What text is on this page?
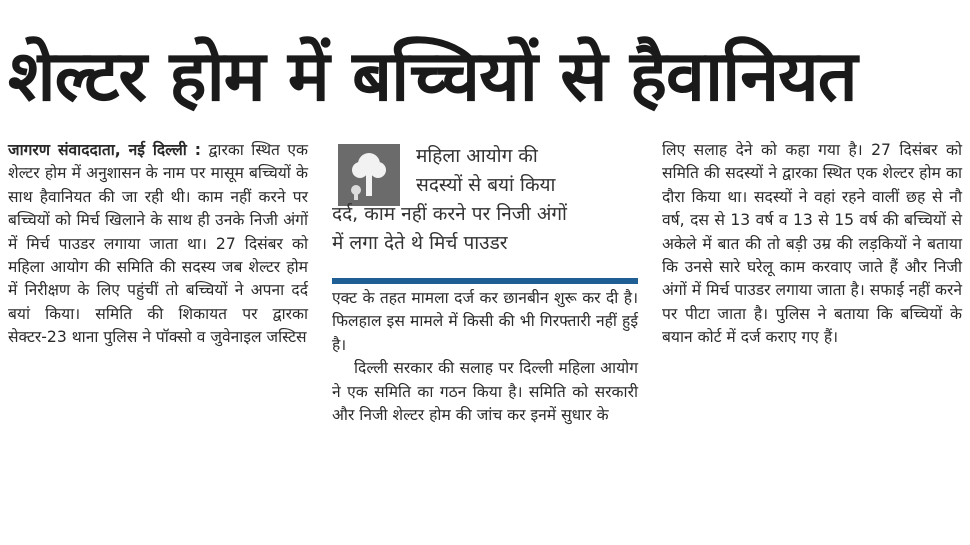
शेल्टर होम में बच्चियों से हैवानियत

जागरण संवाददाता, नई दिल्ली : द्वारका स्थित एक शेल्टर होम में अनुशासन के नाम पर मासूम बच्चियों के साथ हैवानियत की जा रही थी। काम नहीं करने पर बच्चियों को मिर्च खिलाने के साथ ही उनके निजी अंगों में मिर्च पाउडर लगाया जाता था। 27 दिसंबर को महिला आयोग की समिति की सदस्य जब शेल्टर होम में निरीक्षण के लिए पहुंचीं तो बच्चियों ने अपना दर्द बयां किया। समिति की शिकायत पर द्वारका सेक्टर-23 थाना पुलिस ने पॉक्सो व जुवेनाइल जस्टिस

महिला आयोग की
सदस्यों से बयां किया
दर्द, काम नहीं करने पर निजी अंगों
में लगा देते थे मिर्च पाउडर

एक्ट के तहत मामला दर्ज कर छानबीन शुरू कर दी है। फिलहाल इस मामले में किसी की भी गिरफ्तारी नहीं हुई है।

दिल्ली सरकार की सलाह पर दिल्ली महिला आयोग ने एक समिति का गठन किया है। समिति को सरकारी और निजी शेल्टर होम की जांच कर इनमें सुधार के

लिए सलाह देने को कहा गया है। 27 दिसंबर को समिति की सदस्यों ने द्वारका स्थित एक शेल्टर होम का दौरा किया था। सदस्यों ने वहां रहने वालीं छह से नौ वर्ष, दस से 13 वर्ष व 13 से 15 वर्ष की बच्चियों से अकेले में बात की तो बड़ी उम्र की लड़कियों ने बताया कि उनसे सारे घरेलू काम करवाए जाते हैं और निजी अंगों में मिर्च पाउडर लगाया जाता है। सफाई नहीं करने पर पीटा जाता है। पुलिस ने बताया कि बच्चियों के बयान कोर्ट में दर्ज कराए गए हैं।
